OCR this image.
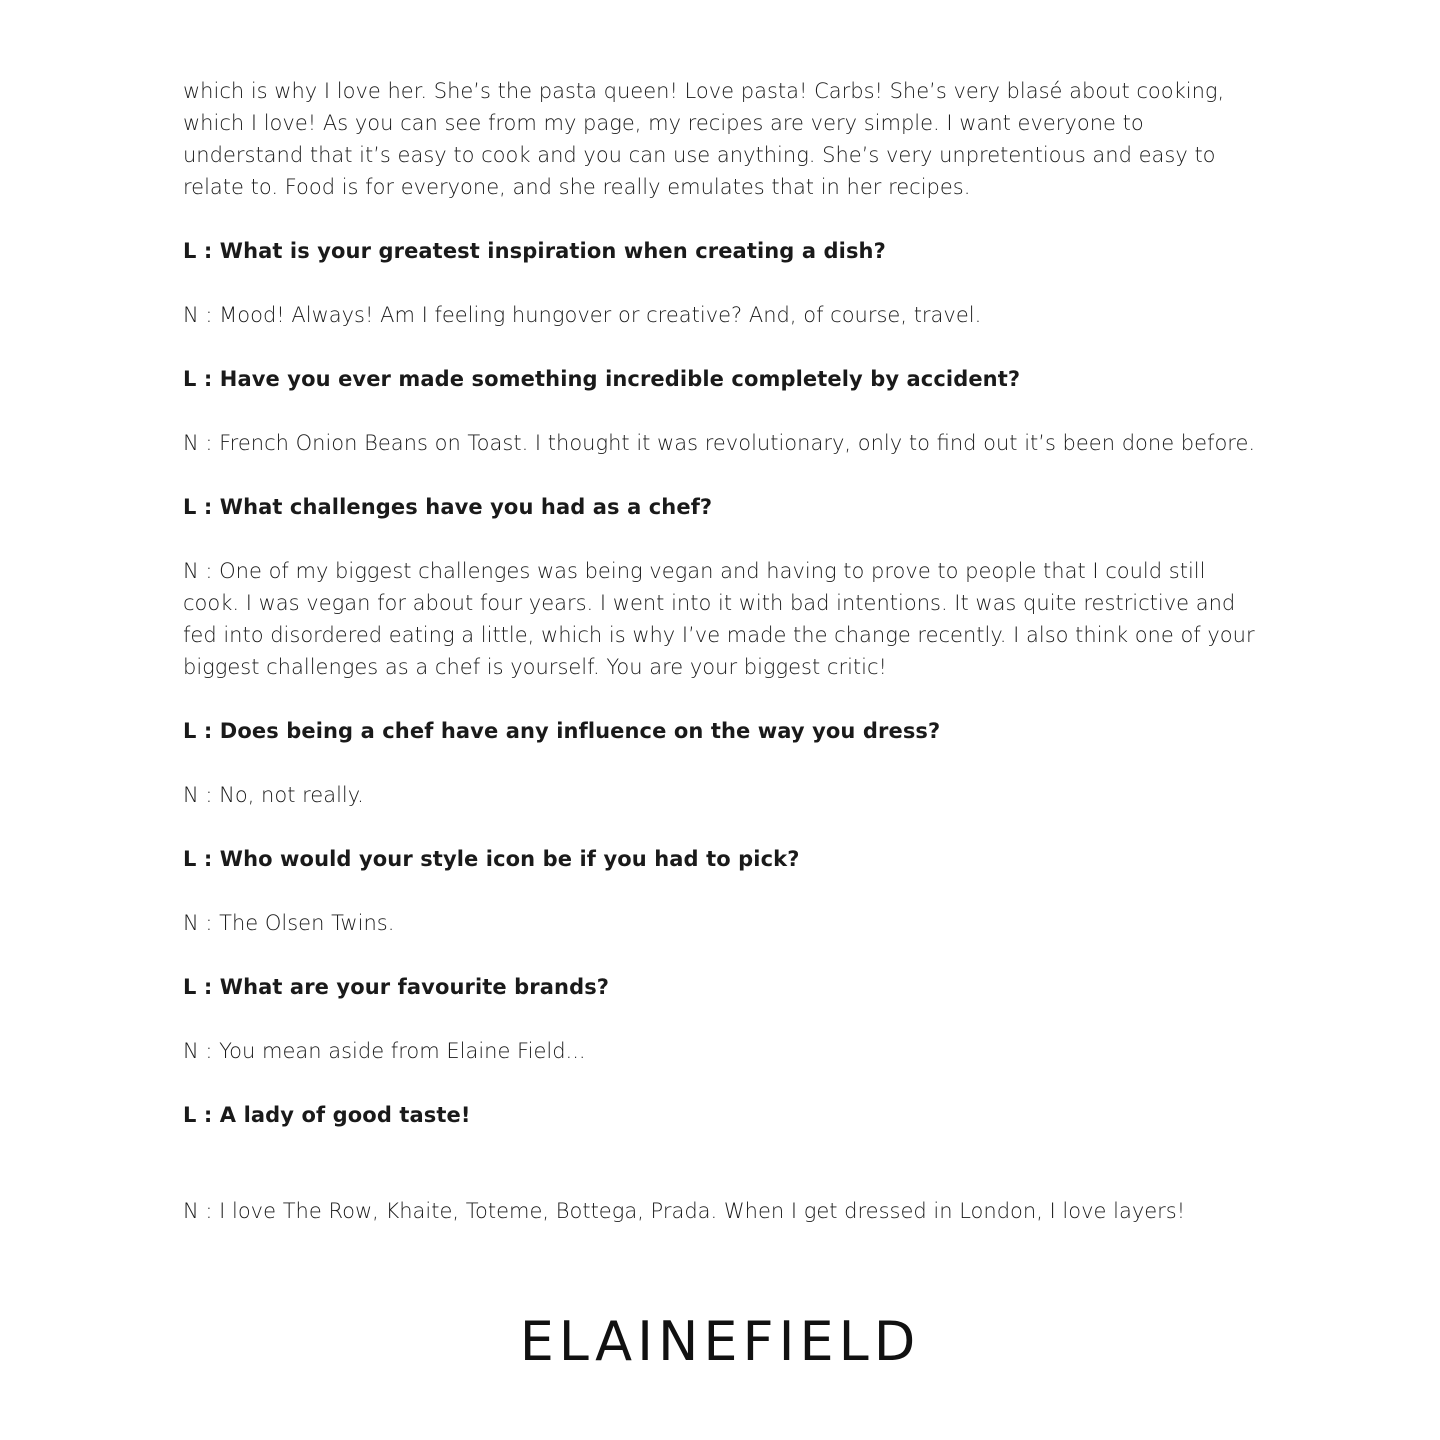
which is why I love her. She’s the pasta queen! Love pasta! Carbs! She’s very blasé about cooking, which I love! As you can see from my page, my recipes are very simple. I want everyone to understand that it’s easy to cook and you can use anything. She’s very unpretentious and easy to relate to. Food is for everyone, and she really emulates that in her recipes.

L : What is your greatest inspiration when creating a dish?

N : Mood! Always! Am I feeling hungover or creative? And, of course, travel.

L : Have you ever made something incredible completely by accident?

N : French Onion Beans on Toast. I thought it was revolutionary, only to find out it’s been done before.

L : What challenges have you had as a chef?

N : One of my biggest challenges was being vegan and having to prove to people that I could still cook. I was vegan for about four years. I went into it with bad intentions. It was quite restrictive and fed into disordered eating a little, which is why I’ve made the change recently. I also think one of your biggest challenges as a chef is yourself. You are your biggest critic!

L : Does being a chef have any influence on the way you dress?

N : No, not really.

L : Who would your style icon be if you had to pick?

N : The Olsen Twins.

L : What are your favourite brands?

N : You mean aside from Elaine Field...

L : A lady of good taste!

N : I love The Row, Khaite, Toteme, Bottega, Prada. When I get dressed in London, I love layers!

ELAINEFIELD
